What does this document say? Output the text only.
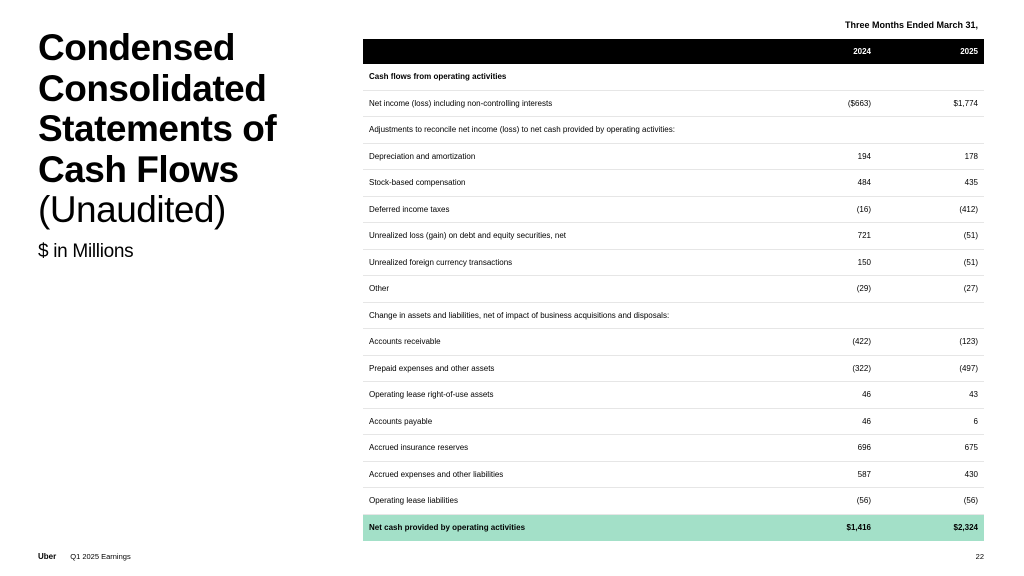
Condensed
Consolidated
Statements of
Cash Flows
(Unaudited)

$ in Millions

Three Months Ended March 31,
2024	2025
Cash flows from operating activities
Net income (loss) including non-controlling interests	($663)	$1,774
Adjustments to reconcile net income (loss) to net cash provided by operating activities:
Depreciation and amortization	194	178
Stock-based compensation	484	435
Deferred income taxes	(16)	(412)
Unrealized loss (gain) on debt and equity securities, net	721	(51)
Unrealized foreign currency transactions	150	(51)
Other	(29)	(27)
Change in assets and liabilities, net of impact of business acquisitions and disposals:
Accounts receivable	(422)	(123)
Prepaid expenses and other assets	(322)	(497)
Operating lease right-of-use assets	46	43
Accounts payable	46	6
Accrued insurance reserves	696	675
Accrued expenses and other liabilities	587	430
Operating lease liabilities	(56)	(56)
Net cash provided by operating activities	$1,416	$2,324
Uber Q1 2025 Earnings	22
